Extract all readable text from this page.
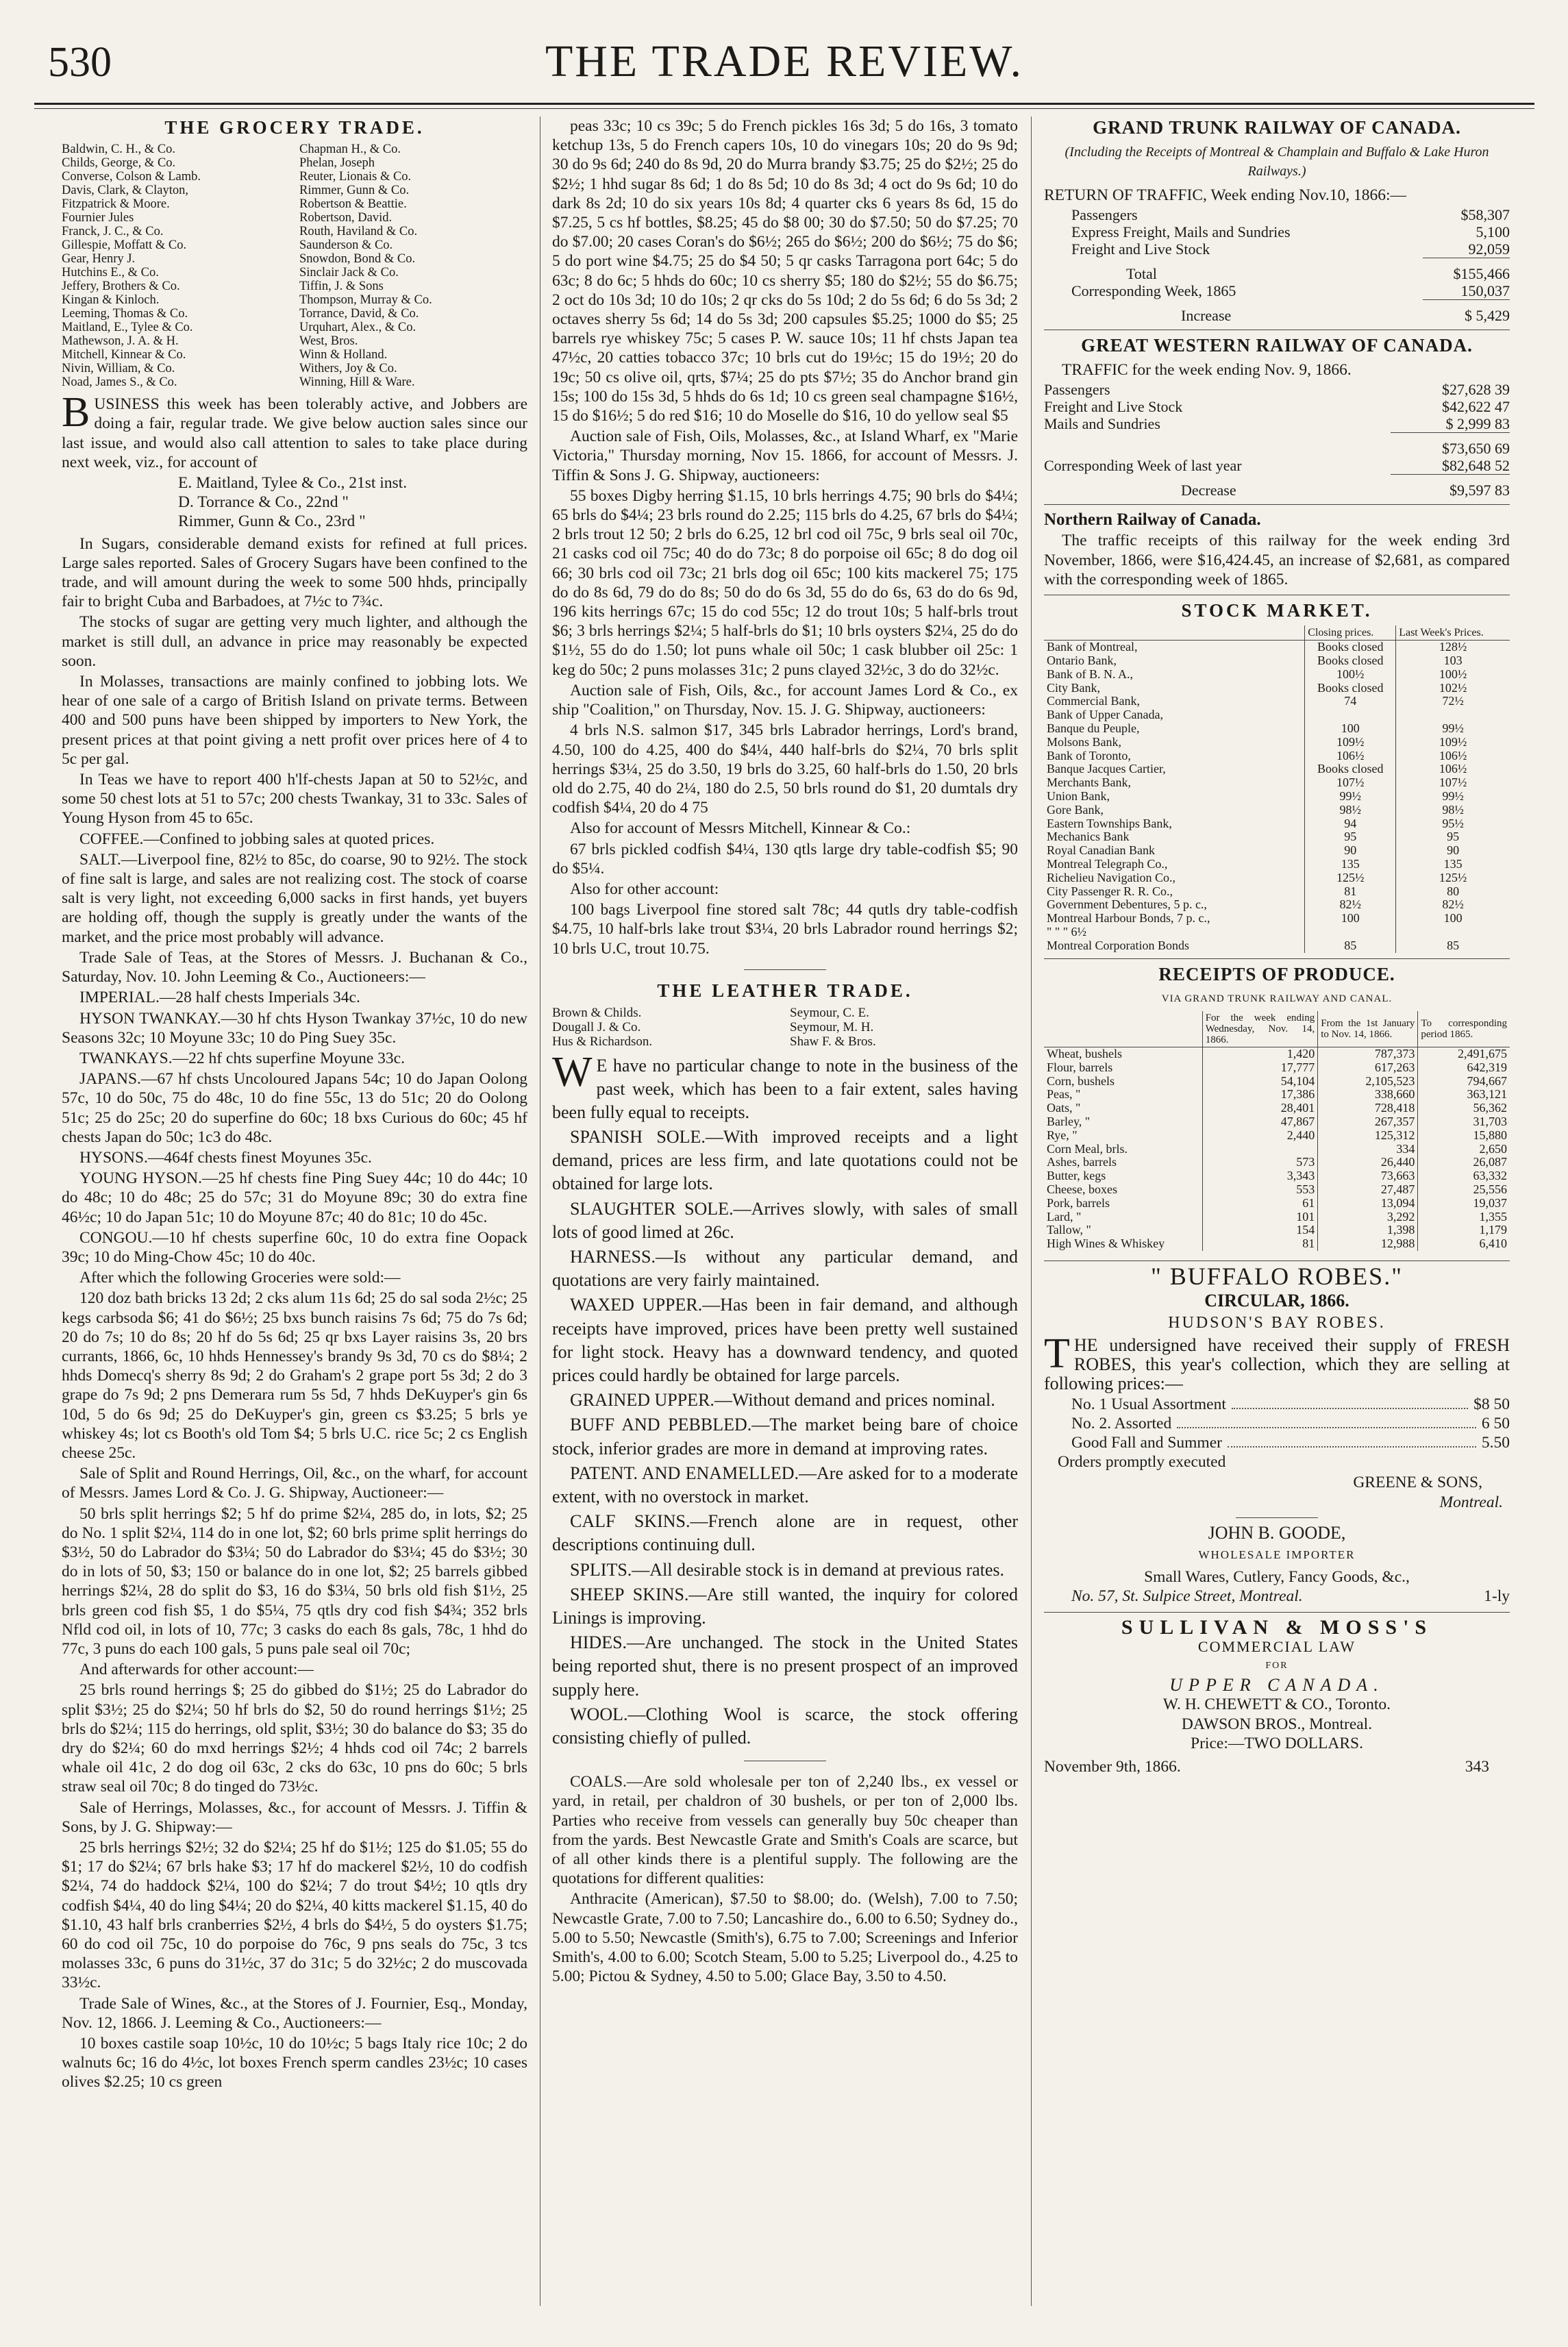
530	THE TRADE REVIEW.
THE GROCERY TRADE.
Baldwin, C. H., & Co.
Childs, George, & Co.
Converse, Colson & Lamb.
Davis, Clark, & Clayton,
Fitzpatrick & Moore.
Fournier Jules
Franck, J. C., & Co.
Gillespie, Moffatt & Co.
Gear, Henry J.
Hutchins E., & Co.
Jeffery, Brothers & Co.
Kingan & Kinloch.
Leeming, Thomas & Co.
Maitland, E., Tylee & Co.
Mathewson, J. A. & H.
Mitchell, Kinnear & Co.
Nivin, William, & Co.
Noad, James S., & Co.
Chapman H., & Co.
Phelan, Joseph
Reuter, Lionais & Co.
Rimmer, Gunn & Co.
Robertson & Beattie.
Robertson, David.
Routh, Haviland & Co.
Saunderson & Co.
Snowdon, Bond & Co.
Sinclair Jack & Co.
Tiffin, J. & Sons
Thompson, Murray & Co.
Torrance, David, & Co.
Urquhart, Alex., & Co.
West, Bros.
Winn & Holland.
Withers, Joy & Co.
Winning, Hill & Ware.

BUSINESS this week has been tolerably active, and Jobbers are doing a fair, regular trade. We give below auction sales since our last issue, and would also call attention to sales to take place during next week, viz., for account of

E. Maitland, Tylee & Co., 21st inst.
D. Torrance & Co., 22nd "
Rimmer, Gunn & Co., 23rd "

In Sugars, considerable demand exists for refined at full prices. Large sales reported. Sales of Grocery Sugars have been confined to the trade, and will amount during the week to some 500 hhds, principally fair to bright Cuba and Barbadoes, at 7½c to 7¾c.

The stocks of sugar are getting very much lighter, and although the market is still dull, an advance in price may reasonably be expected soon.

In Molasses, transactions are mainly confined to jobbing lots. We hear of one sale of a cargo of British Island on private terms. Between 400 and 500 puns have been shipped by importers to New York, the present prices at that point giving a nett profit over prices here of 4 to 5c per gal.

In Teas we have to report 400 h'lf-chests Japan at 50 to 52½c, and some 50 chest lots at 51 to 57c; 200 chests Twankay, 31 to 33c. Sales of Young Hyson from 45 to 65c.

COFFEE.—Confined to jobbing sales at quoted prices.

SALT.—Liverpool fine, 82½ to 85c, do coarse, 90 to 92½. The stock of fine salt is large, and sales are not realizing cost. The stock of coarse salt is very light, not exceeding 6,000 sacks in first hands, yet buyers are holding off, though the supply is greatly under the wants of the market, and the price most probably will advance.

Trade Sale of Teas, at the Stores of Messrs. J. Buchanan & Co., Saturday, Nov. 10. John Leeming & Co., Auctioneers:—

IMPERIAL.—28 half chests Imperials 34c.

HYSON TWANKAY.—30 hf chts Hyson Twankay 37½c, 10 do new Seasons 32c; 10 Moyune 33c; 10 do Ping Suey 35c.

TWANKAYS.—22 hf chts superfine Moyune 33c.

JAPANS.—67 hf chsts Uncoloured Japans 54c; 10 do Japan Oolong 57c, 10 do 50c, 75 do 48c, 10 do fine 55c, 13 do 51c; 20 do Oolong 51c; 25 do 25c; 20 do superfine do 60c; 18 bxs Curious do 60c; 45 hf chests Japan do 50c; 1c3 do 48c.

HYSONS.—464f chests finest Moyunes 35c.

YOUNG HYSON.—25 hf chests fine Ping Suey 44c; 10 do 44c; 10 do 48c; 10 do 48c; 25 do 57c; 31 do Moyune 89c; 30 do extra fine 46½c; 10 do Japan 51c; 10 do Moyune 87c; 40 do 81c; 10 do 45c.

CONGOU.—10 hf chests superfine 60c, 10 do extra fine Oopack 39c; 10 do Ming-Chow 45c; 10 do 40c.

After which the following Groceries were sold:—

120 doz bath bricks 13 2d; 2 cks alum 11s 6d; 25 do sal soda 2½c; 25 kegs carbsoda $6; 41 do $6½; 25 bxs bunch raisins 7s 6d; 75 do 7s 6d; 20 do 7s; 10 do 8s; 20 hf do 5s 6d; 25 qr bxs Layer raisins 3s, 20 brs currants, 1866, 6c, 10 hhds Hennessey's brandy 9s 3d, 70 cs do $8¼; 2 hhds Domecq's sherry 8s 9d; 2 do Graham's 2 grape port 5s 3d; 2 do 3 grape do 7s 9d; 2 pns Demerara rum 5s 5d, 7 hhds DeKuyper's gin 6s 10d, 5 do 6s 9d; 25 do DeKuyper's gin, green cs $3.25; 5 brls ye whiskey 4s; lot cs Booth's old Tom $4; 5 brls U.C. rice 5c; 2 cs English cheese 25c.

Sale of Split and Round Herrings, Oil, &c., on the wharf, for account of Messrs. James Lord & Co. J. G. Shipway, Auctioneer:—

50 brls split herrings $2; 5 hf do prime $2¼, 285 do, in lots, $2; 25 do No. 1 split $2¼, 114 do in one lot, $2; 60 brls prime split herrings do $3½, 50 do Labrador do $3¼; 50 do Labrador do $3¼; 45 do $3½; 30 do in lots of 50, $3; 150 or balance do in one lot, $2; 25 barrels gibbed herrings $2¼, 28 do split do $3, 16 do $3¼, 50 brls old fish $1½, 25 brls green cod fish $5, 1 do $5¼, 75 qtls dry cod fish $4¾; 352 brls Nfld cod oil, in lots of 10, 77c; 3 casks do each 8s gals, 78c, 1 hhd do 77c, 3 puns do each 100 gals, 5 puns pale seal oil 70c;

And afterwards for other account:—

25 brls round herrings $; 25 do gibbed do $1½; 25 do Labrador do split $3½; 25 do $2¼; 50 hf brls do $2, 50 do round herrings $1½; 25 brls do $2¼; 115 do herrings, old split, $3½; 30 do balance do $3; 35 do dry do $2¼; 60 do mxd herrings $2½; 4 hhds cod oil 74c; 2 barrels whale oil 41c, 2 do dog oil 63c, 2 cks do 63c, 10 pns do 60c; 5 brls straw seal oil 70c; 8 do tinged do 73½c.

Sale of Herrings, Molasses, &c., for account of Messrs. J. Tiffin & Sons, by J. G. Shipway:—

25 brls herrings $2½; 32 do $2¼; 25 hf do $1½; 125 do $1.05; 55 do $1; 17 do $2¼; 67 brls hake $3; 17 hf do mackerel $2½, 10 do codfish $2¼, 74 do haddock $2¼, 100 do $2¼; 7 do trout $4½; 10 qtls dry codfish $4¼, 40 do ling $4¼; 20 do $2¼, 40 kitts mackerel $1.15, 40 do $1.10, 43 half brls cranberries $2½, 4 brls do $4½, 5 do oysters $1.75; 60 do cod oil 75c, 10 do porpoise do 76c, 9 pns seals do 75c, 3 tcs molasses 33c, 6 puns do 31½c, 37 do 31c; 5 do 32½c; 2 do muscovada 33½c.

Trade Sale of Wines, &c., at the Stores of J. Fournier, Esq., Monday, Nov. 12, 1866. J. Leeming & Co., Auctioneers:—

10 boxes castile soap 10½c, 10 do 10½c; 5 bags Italy rice 10c; 2 do walnuts 6c; 16 do 4½c, lot boxes French sperm candles 23½c; 10 cases olives $2.25; 10 cs green

peas 33c; 10 cs 39c; 5 do French pickles 16s 3d; 5 do 16s, 3 tomato ketchup 13s, 5 do French capers 10s, 10 do vinegars 10s; 20 do 9s 9d; 30 do 9s 6d; 240 do 8s 9d, 20 do Murra brandy $3.75; 25 do $2½; 25 do $2½; 1 hhd sugar 8s 6d; 1 do 8s 5d; 10 do 8s 3d; 4 oct do 9s 6d; 10 do dark 8s 2d; 10 do six years 10s 8d; 4 quarter cks 6 years 8s 6d, 15 do $7.25, 5 cs hf bottles, $8.25; 45 do $8 00; 30 do $7.50; 50 do $7.25; 70 do $7.00; 20 cases Coran's do $6½; 265 do $6½; 200 do $6½; 75 do $6; 5 do port wine $4.75; 25 do $4 50; 5 qr casks Tarragona port 64c; 5 do 63c; 8 do 6c; 5 hhds do 60c; 10 cs sherry $5; 180 do $2½; 55 do $6.75; 2 oct do 10s 3d; 10 do 10s; 2 qr cks do 5s 10d; 2 do 5s 6d; 6 do 5s 3d; 2 octaves sherry 5s 6d; 14 do 5s 3d; 200 capsules $5.25; 1000 do $5; 25 barrels rye whiskey 75c; 5 cases P. W. sauce 10s; 11 hf chsts Japan tea 47½c, 20 catties tobacco 37c; 10 brls cut do 19½c; 15 do 19½; 20 do 19c; 50 cs olive oil, qrts, $7¼; 25 do pts $7½; 35 do Anchor brand gin 15s; 100 do 15s 3d, 5 hhds do 6s 1d; 10 cs green seal champagne $16½, 15 do $16½; 5 do red $16; 10 do Moselle do $16, 10 do yellow seal $5

Auction sale of Fish, Oils, Molasses, &c., at Island Wharf, ex "Marie Victoria," Thursday morning, Nov 15. 1866, for account of Messrs. J. Tiffin & Sons J. G. Shipway, auctioneers:

55 boxes Digby herring $1.15, 10 brls herrings 4.75; 90 brls do $4¼; 65 brls do $4¼; 23 brls round do 2.25; 115 brls do 4.25, 67 brls do $4¼; 2 brls trout 12 50; 2 brls do 6.25, 12 brl cod oil 75c, 9 brls seal oil 70c, 21 casks cod oil 75c; 40 do do 73c; 8 do porpoise oil 65c; 8 do dog oil 66; 30 brls cod oil 73c; 21 brls dog oil 65c; 100 kits mackerel 75; 175 do do 8s 6d, 79 do do 8s; 50 do do 6s 3d, 55 do do 6s, 63 do do 6s 9d, 196 kits herrings 67c; 15 do cod 55c; 12 do trout 10s; 5 half-brls trout $6; 3 brls herrings $2¼; 5 half-brls do $1; 10 brls oysters $2¼, 25 do do $1½, 55 do do 1.50; lot puns whale oil 50c; 1 cask blubber oil 25c: 1 keg do 50c; 2 puns molasses 31c; 2 puns clayed 32½c, 3 do do 32½c.

Auction sale of Fish, Oils, &c., for account James Lord & Co., ex ship "Coalition," on Thursday, Nov. 15. J. G. Shipway, auctioneers:

4 brls N.S. salmon $17, 345 brls Labrador herrings, Lord's brand, 4.50, 100 do 4.25, 400 do $4¼, 440 half-brls do $2¼, 70 brls split herrings $3¼, 25 do 3.50, 19 brls do 3.25, 60 half-brls do 1.50, 20 brls old do 2.75, 40 do 2¼, 180 do 2.5, 50 brls round do $1, 20 dumtals dry codfish $4¼, 20 do 4 75

Also for account of Messrs Mitchell, Kinnear & Co.:

67 brls pickled codfish $4¼, 130 qtls large dry table-codfish $5; 90 do $5¼.

Also for other account:

100 bags Liverpool fine stored salt 78c; 44 qutls dry table-codfish $4.75, 10 half-brls lake trout $3¼, 20 brls Labrador round herrings $2; 10 brls U.C, trout 10.75.

THE LEATHER TRADE.
Brown & Childs.
Dougall J. & Co.
Hus & Richardson.
Seymour, C. E.
Seymour, M. H.
Shaw F. & Bros.

WE have no particular change to note in the business of the past week, which has been to a fair extent, sales having been fully equal to receipts.

SPANISH SOLE.—With improved receipts and a light demand, prices are less firm, and late quotations could not be obtained for large lots.

SLAUGHTER SOLE.—Arrives slowly, with sales of small lots of good limed at 26c.

HARNESS.—Is without any particular demand, and quotations are very fairly maintained.

WAXED UPPER.—Has been in fair demand, and although receipts have improved, prices have been pretty well sustained for light stock. Heavy has a downward tendency, and quoted prices could hardly be obtained for large parcels.

GRAINED UPPER.—Without demand and prices nominal.

BUFF AND PEBBLED.—The market being bare of choice stock, inferior grades are more in demand at improving rates.

PATENT. AND ENAMELLED.—Are asked for to a moderate extent, with no overstock in market.

CALF SKINS.—French alone are in request, other descriptions continuing dull.

SPLITS.—All desirable stock is in demand at previous rates.

SHEEP SKINS.—Are still wanted, the inquiry for colored Linings is improving.

HIDES.—Are unchanged. The stock in the United States being reported shut, there is no present prospect of an improved supply here.

WOOL.—Clothing Wool is scarce, the stock offering consisting chiefly of pulled.

COALS.—Are sold wholesale per ton of 2,240 lbs., ex vessel or yard, in retail, per chaldron of 30 bushels, or per ton of 2,000 lbs. Parties who receive from vessels can generally buy 50c cheaper than from the yards. Best Newcastle Grate and Smith's Coals are scarce, but of all other kinds there is a plentiful supply. The following are the quotations for different qualities:

Anthracite (American), $7.50 to $8.00; do. (Welsh), 7.00 to 7.50; Newcastle Grate, 7.00 to 7.50; Lancashire do., 6.00 to 6.50; Sydney do., 5.00 to 5.50; Newcastle (Smith's), 6.75 to 7.00; Screenings and Inferior Smith's, 4.00 to 6.00; Scotch Steam, 5.00 to 5.25; Liverpool do., 4.25 to 5.00; Pictou & Sydney, 4.50 to 5.00; Glace Bay, 3.50 to 4.50.

GRAND TRUNK RAILWAY OF CANADA.
(Including the Receipts of Montreal & Champlain and Buffalo & Lake Huron Railways.)

RETURN OF TRAFFIC, Week ending Nov.10, 1866:—

Passengers	$58,307
Express Freight, Mails and Sundries	5,100
Freight and Live Stock	92,059
Total	$155,466
Corresponding Week, 1865	150,037
Increase	$ 5,429
GREAT WESTERN RAILWAY OF CANADA.

TRAFFIC for the week ending Nov. 9, 1866.

Passengers	$27,628 39
Freight and Live Stock	$42,622 47
Mails and Sundries	$ 2,999 83
	$73,650 69
Corresponding Week of last year	$82,648 52
Decrease	$9,597 83

Northern Railway of Canada.

The traffic receipts of this railway for the week ending 3rd November, 1866, were $16,424.45, an increase of $2,681, as compared with the corresponding week of 1865.

STOCK MARKET.
	Closing prices.	Last Week's Prices.
Bank of Montreal,	Books closed	128½
Ontario Bank,	Books closed	103
Bank of B. N. A.,	100½	100½
City Bank,	Books closed	102½
Commercial Bank,	74	72½
Bank of Upper Canada,		
Banque du Peuple,	100	99½
Molsons Bank,	109½	109½
Bank of Toronto,	106½	106½
Banque Jacques Cartier,	Books closed	106½
Merchants Bank,	107½	107½
Union Bank,	99½	99½
Gore Bank,	98½	98½
Eastern Townships Bank,	94	95½
Mechanics Bank	95	95
Royal Canadian Bank	90	90
Montreal Telegraph Co.,	135	135
Richelieu Navigation Co.,	125½	125½
City Passenger R. R. Co.,	81	80
Government Debentures, 5 p. c.,	82½	82½
Montreal Harbour Bonds, 7 p. c.,	100	100
" " " 6½		
Montreal Corporation Bonds	85	85
RECEIPTS OF PRODUCE.
VIA GRAND TRUNK RAILWAY AND CANAL.
	For the week ending Wednesday, Nov. 14, 1866.	From the 1st January to Nov. 14, 1866.	To corresponding period 1865.
Wheat, bushels	1,420	787,373	2,491,675
Flour, barrels	17,777	617,263	642,319
Corn, bushels	54,104	2,105,523	794,667
Peas, "	17,386	338,660	363,121
Oats, "	28,401	728,418	56,362
Barley, "	47,867	267,357	31,703
Rye, "	2,440	125,312	15,880
Corn Meal, brls.		334	2,650
Ashes, barrels	573	26,440	26,087
Butter, kegs	3,343	73,663	63,332
Cheese, boxes	553	27,487	25,556
Pork, barrels	61	13,094	19,037
Lard, "	101	3,292	1,355
Tallow, "	154	1,398	1,179
High Wines & Whiskey	81	12,988	6,410
" BUFFALO ROBES."
CIRCULAR, 1866.
HUDSON'S BAY ROBES.

THE undersigned have received their supply of FRESH ROBES, this year's collection, which they are selling at following prices:—

No. 1 Usual Assortment	$8 50
No. 2. Assorted	6 50
Good Fall and Summer	5.50

Orders promptly executed

GREENE & SONS,
Montreal.
JOHN B. GOODE,
WHOLESALE IMPORTER
Small Wares, Cutlery, Fancy Goods, &c.,
No. 57, St. Sulpice Street, Montreal.	1-ly
SULLIVAN & MOSS'S
COMMERCIAL LAW
FOR
UPPER CANADA.
W. H. CHEWETT & CO., Toronto.
DAWSON BROS., Montreal.
Price:—TWO DOLLARS.
November 9th, 1866.	343
